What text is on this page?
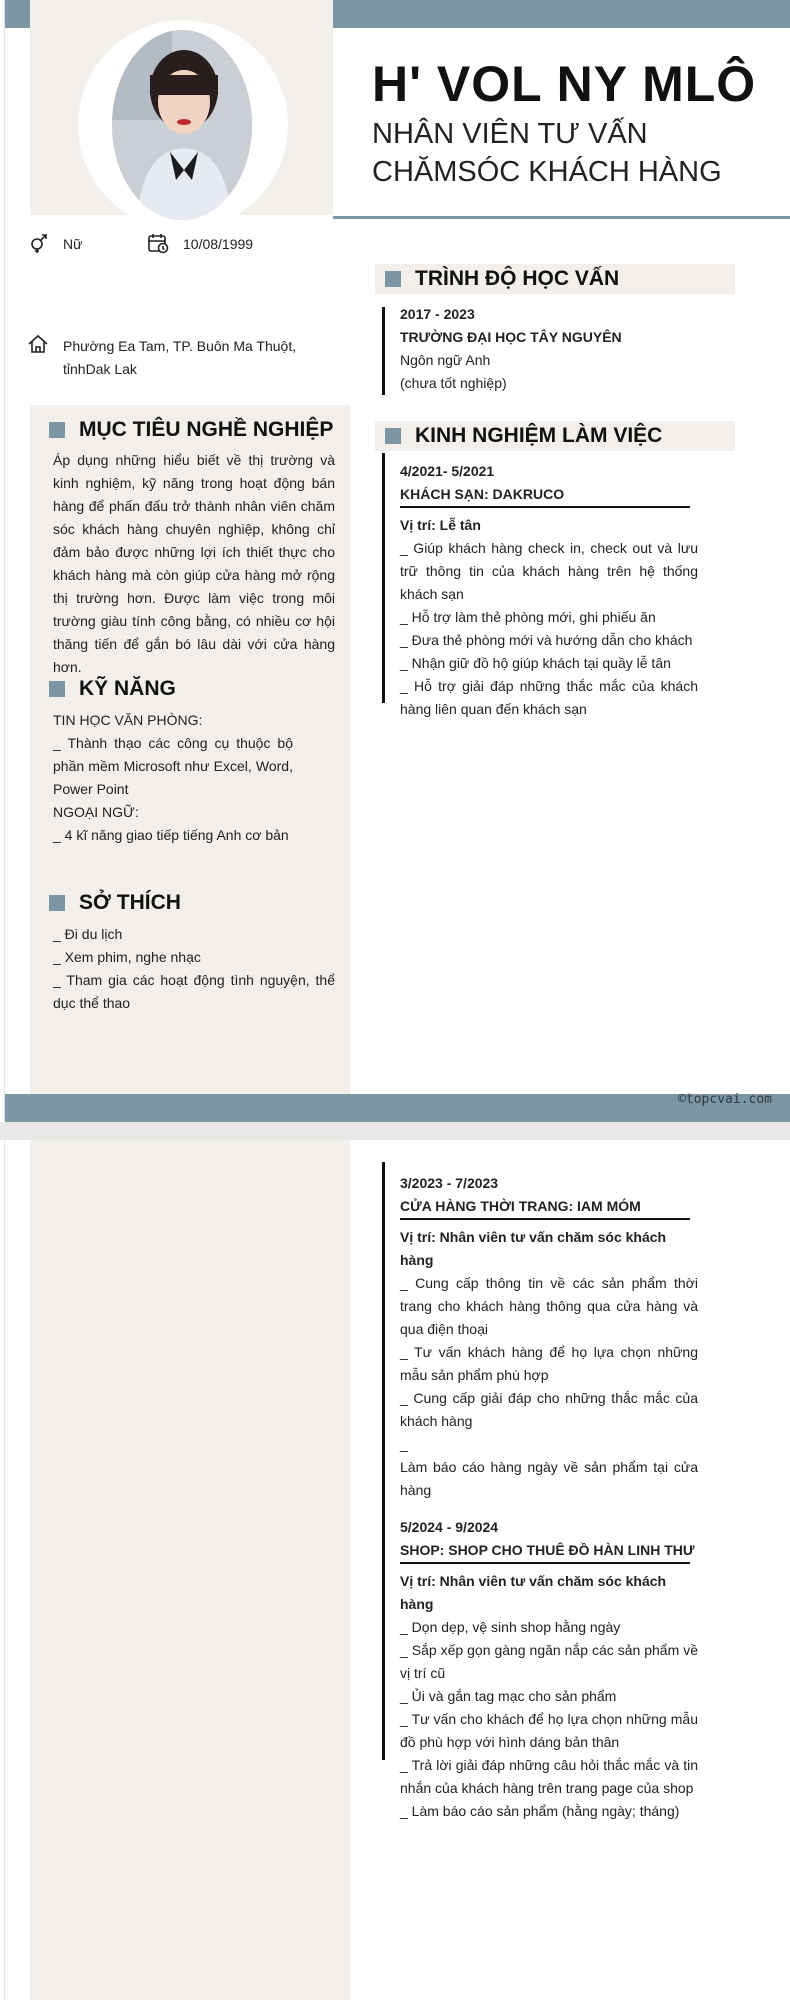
H' VOL NY MLÔ
NHÂN VIÊN TƯ VẤN
CHĂMSÓC KHÁCH HÀNG
Nữ	10/08/1999
Phường Ea Tam, TP. Buôn Ma Thuột,
tỉnhDak Lak
MỤC TIÊU NGHỀ NGHIỆP
Áp dụng những hiểu biết về thị trường và kinh nghiệm, kỹ năng trong hoạt động bán hàng để phấn đấu trở thành nhân viên chăm sóc khách hàng chuyên nghiệp, không chỉ đảm bảo được những lợi ích thiết thực cho khách hàng mà còn giúp cửa hàng mở rộng thị trường hơn. Được làm việc trong môi trường giàu tính công bằng, có nhiều cơ hội thăng tiến để gắn bó lâu dài với cửa hàng hơn.
KỸ NĂNG
TIN HỌC VĂN PHÒNG:
_ Thành thạo các công cụ thuộc bộ phần mềm Microsoft như Excel, Word, Power Point
NGOẠI NGỮ:
_ 4 kĩ năng giao tiếp tiếng Anh cơ bản
SỞ THÍCH
_ Đi du lịch
_ Xem phim, nghe nhạc
_ Tham gia các hoạt động tình nguyện, thể dục thể thao
TRÌNH ĐỘ HỌC VẤN
2017 - 2023
TRƯỜNG ĐẠI HỌC TÂY NGUYÊN
Ngôn ngữ Anh
(chưa tốt nghiệp)
KINH NGHIỆM LÀM VIỆC
4/2021- 5/2021
KHÁCH SẠN: DAKRUCO
Vị trí: Lễ tân
_ Giúp khách hàng check in, check out và lưu trữ thông tin của khách hàng trên hệ thống khách sạn
_ Hỗ trợ làm thẻ phòng mới, ghi phiếu ăn
_ Đưa thẻ phòng mới và hướng dẫn cho khách
_ Nhận giữ đồ hộ giúp khách tại quầy lễ tân
_ Hỗ trợ giải đáp những thắc mắc của khách hàng liên quan đến khách sạn
©topcvai.com
3/2023 - 7/2023
CỬA HÀNG THỜI TRANG: IAM MÓM
Vị trí: Nhân viên tư vấn chăm sóc khách hàng
_ Cung cấp thông tin về các sản phẩm thời trang cho khách hàng thông qua cửa hàng và qua điện thoại
_ Tư vấn khách hàng để họ lựa chọn những mẫu sản phẩm phù hợp
_ Cung cấp giải đáp cho những thắc mắc của khách hàng
_
Làm báo cáo hàng ngày về sản phẩm tại cửa hàng
5/2024 - 9/2024
SHOP: SHOP CHO THUÊ ĐỒ HÀN LINH THƯ
Vị trí: Nhân viên tư vấn chăm sóc khách hàng
_ Dọn dẹp, vệ sinh shop hằng ngày
_ Sắp xếp gọn gàng ngăn nắp các sản phẩm về vị trí cũ
_ Ủi và gắn tag mạc cho sản phẩm
_ Tư vấn cho khách để họ lựa chọn những mẫu đồ phù hợp với hình dáng bản thân
_ Trả lời giải đáp những câu hỏi thắc mắc và tin nhắn của khách hàng trên trang page của shop
_ Làm báo cáo sản phẩm (hằng ngày; tháng)
